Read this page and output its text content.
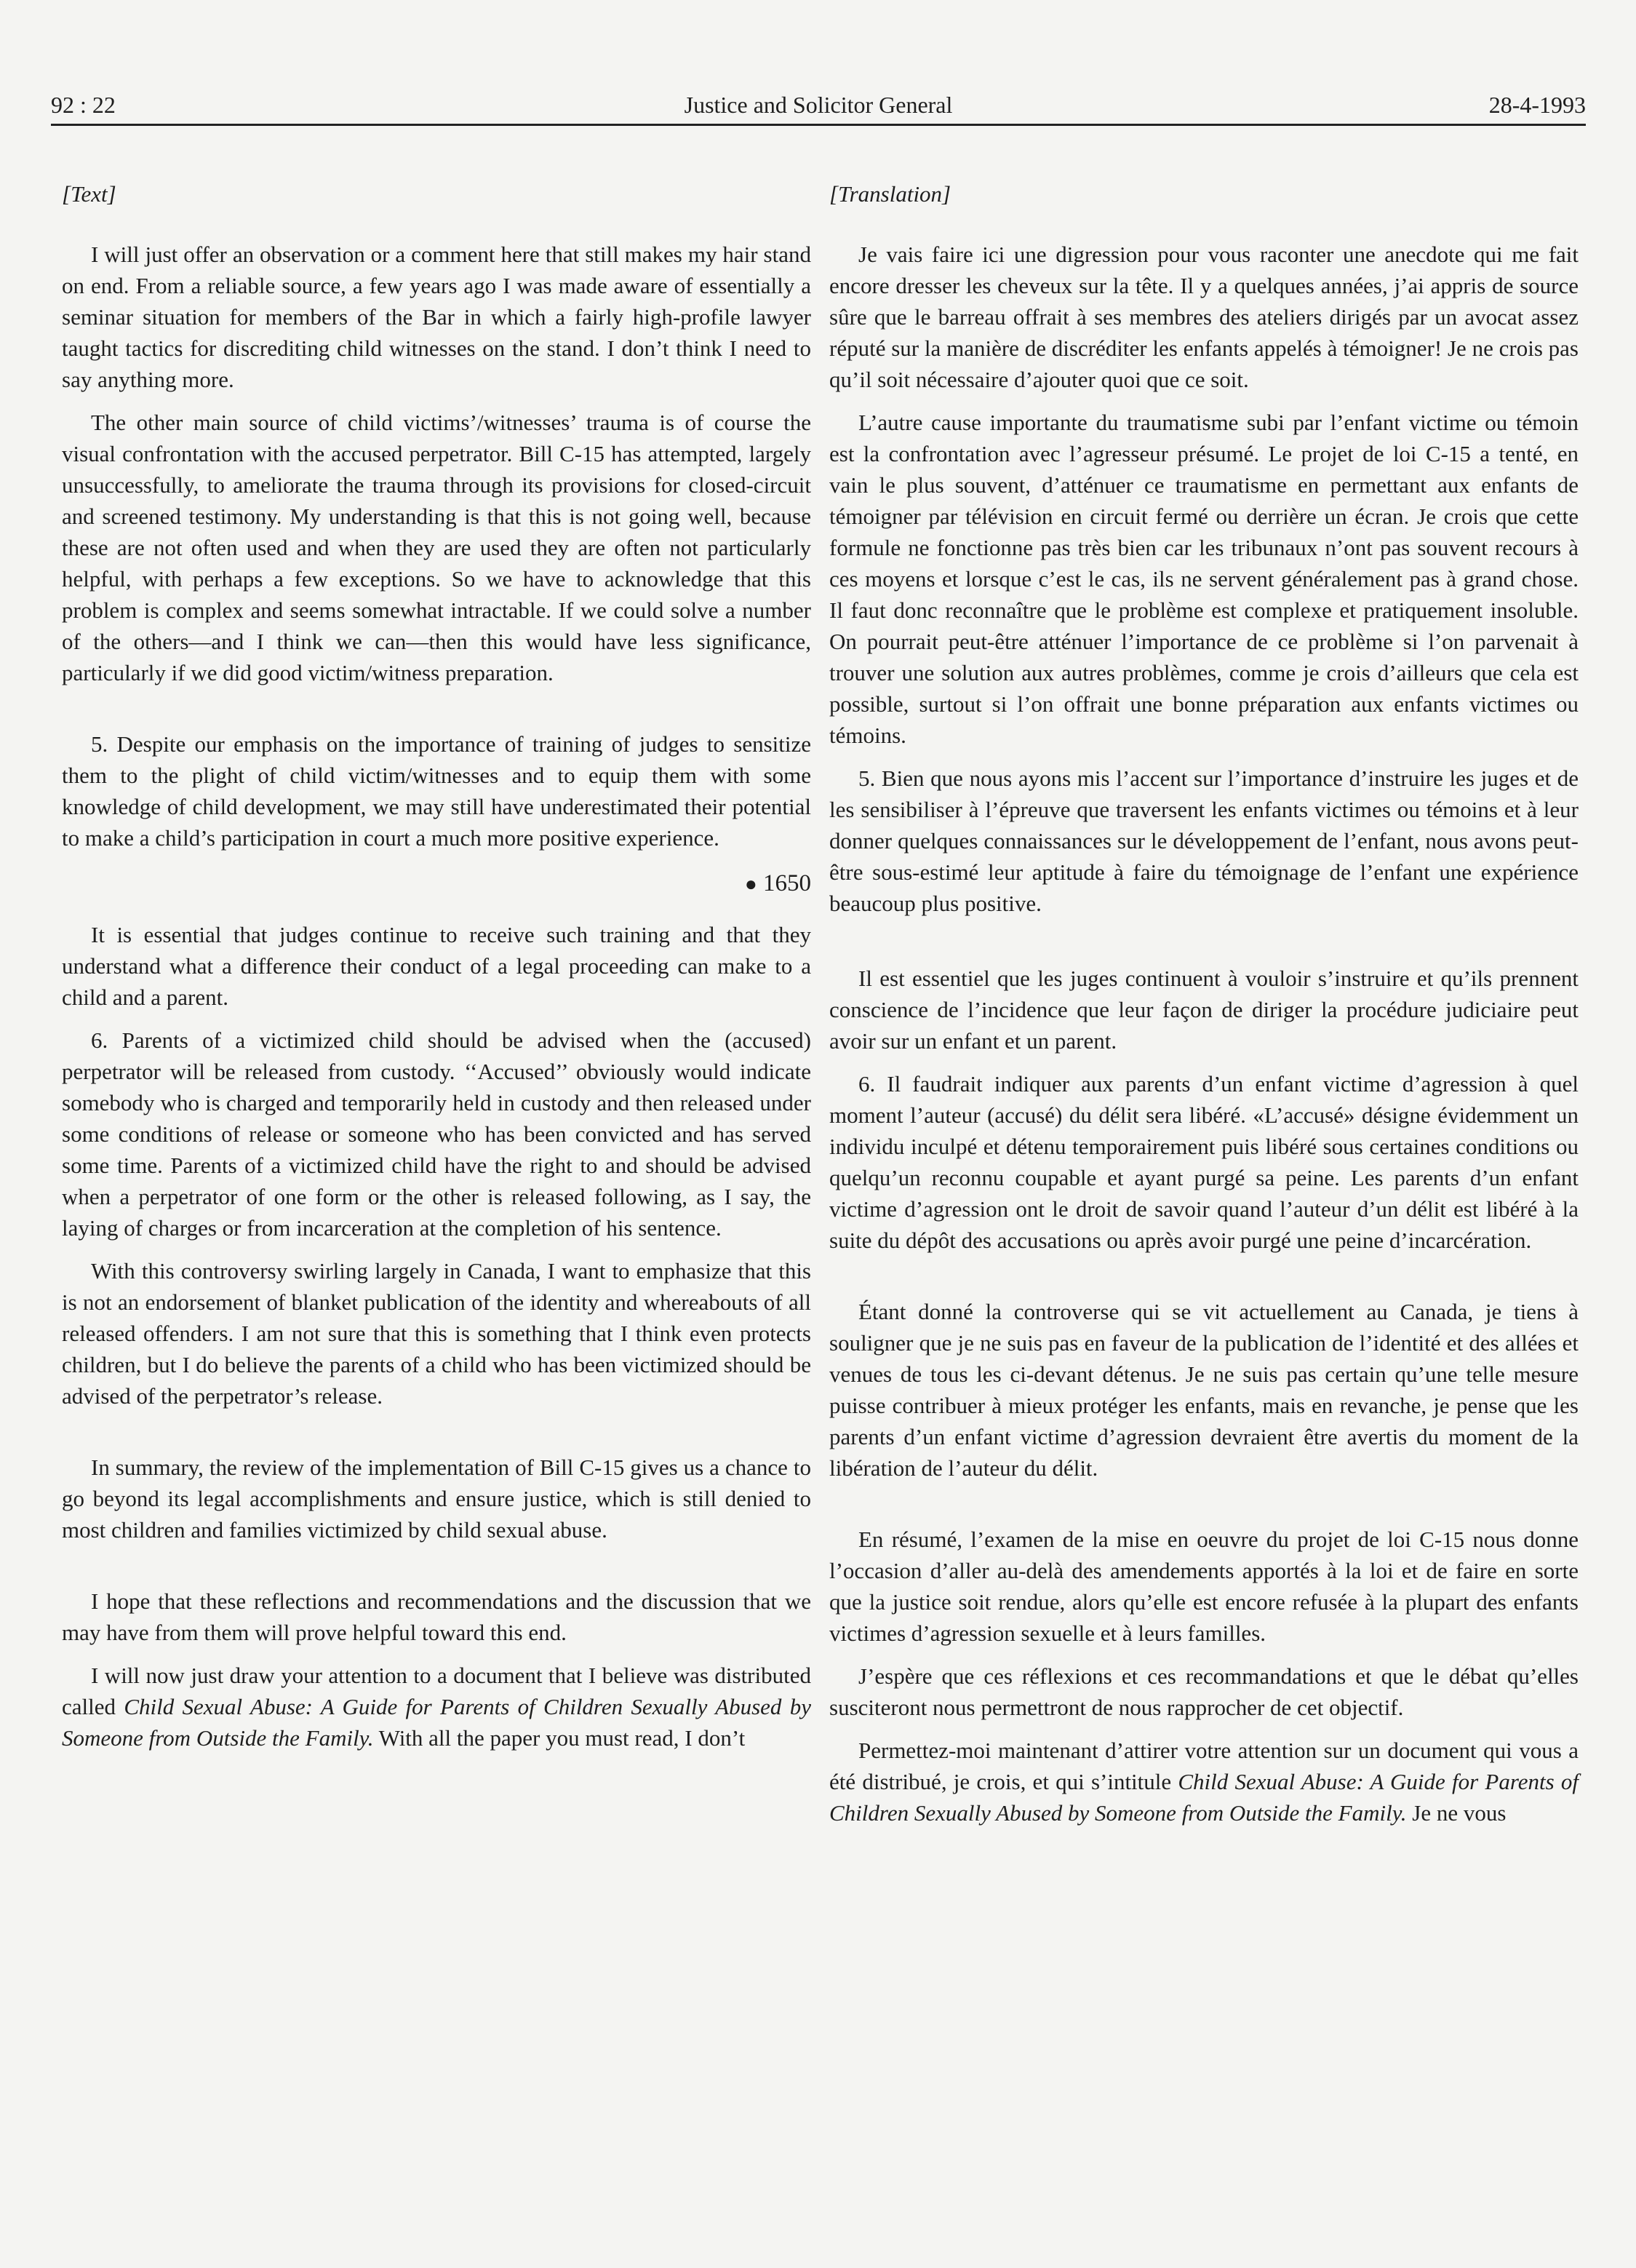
92 : 22	Justice and Solicitor General	28-4-1993
[Text]

I will just offer an observation or a comment here that still makes my hair stand on end. From a reliable source, a few years ago I was made aware of essentially a seminar situation for members of the Bar in which a fairly high-profile lawyer taught tactics for discrediting child witnesses on the stand. I don’t think I need to say anything more.

The other main source of child victims’/witnesses’ trauma is of course the visual confrontation with the accused perpetrator. Bill C-15 has attempted, largely unsuccessfully, to ameliorate the trauma through its provisions for closed-circuit and screened testimony. My understanding is that this is not going well, because these are not often used and when they are used they are often not particularly helpful, with perhaps a few exceptions. So we have to acknowledge that this problem is complex and seems somewhat intractable. If we could solve a number of the others—and I think we can—then this would have less significance, particularly if we did good victim/witness preparation.

5. Despite our emphasis on the importance of training of judges to sensitize them to the plight of child victim/witnesses and to equip them with some knowledge of child development, we may still have underestimated their potential to make a child’s participation in court a much more positive experience.

● 1650

It is essential that judges continue to receive such training and that they understand what a difference their conduct of a legal proceeding can make to a child and a parent.

6. Parents of a victimized child should be advised when the (accused) perpetrator will be released from custody. ‘‘Accused’’ obviously would indicate somebody who is charged and temporarily held in custody and then released under some conditions of release or someone who has been convicted and has served some time. Parents of a victimized child have the right to and should be advised when a perpetrator of one form or the other is released following, as I say, the laying of charges or from incarceration at the completion of his sentence.

With this controversy swirling largely in Canada, I want to emphasize that this is not an endorsement of blanket publication of the identity and whereabouts of all released offenders. I am not sure that this is something that I think even protects children, but I do believe the parents of a child who has been victimized should be advised of the perpetrator’s release.

In summary, the review of the implementation of Bill C-15 gives us a chance to go beyond its legal accomplishments and ensure justice, which is still denied to most children and families victimized by child sexual abuse.

I hope that these reflections and recommendations and the discussion that we may have from them will prove helpful toward this end.

I will now just draw your attention to a document that I believe was distributed called Child Sexual Abuse: A Guide for Parents of Children Sexually Abused by Someone from Outside the Family. With all the paper you must read, I don’t

[Translation]

Je vais faire ici une digression pour vous raconter une anecdote qui me fait encore dresser les cheveux sur la tête. Il y a quelques années, j’ai appris de source sûre que le barreau offrait à ses membres des ateliers dirigés par un avocat assez réputé sur la manière de discréditer les enfants appelés à témoigner! Je ne crois pas qu’il soit nécessaire d’ajouter quoi que ce soit.

L’autre cause importante du traumatisme subi par l’enfant victime ou témoin est la confrontation avec l’agresseur présumé. Le projet de loi C-15 a tenté, en vain le plus souvent, d’atténuer ce traumatisme en permettant aux enfants de témoigner par télévision en circuit fermé ou derrière un écran. Je crois que cette formule ne fonctionne pas très bien car les tribunaux n’ont pas souvent recours à ces moyens et lorsque c’est le cas, ils ne servent généralement pas à grand chose. Il faut donc reconnaître que le problème est complexe et pratiquement insoluble. On pourrait peut-être atténuer l’importance de ce problème si l’on parvenait à trouver une solution aux autres problèmes, comme je crois d’ailleurs que cela est possible, surtout si l’on offrait une bonne préparation aux enfants victimes ou témoins.

5. Bien que nous ayons mis l’accent sur l’importance d’instruire les juges et de les sensibiliser à l’épreuve que traversent les enfants victimes ou témoins et à leur donner quelques connaissances sur le développement de l’enfant, nous avons peut-être sous-estimé leur aptitude à faire du témoignage de l’enfant une expérience beaucoup plus positive.

Il est essentiel que les juges continuent à vouloir s’instruire et qu’ils prennent conscience de l’incidence que leur façon de diriger la procédure judiciaire peut avoir sur un enfant et un parent.

6. Il faudrait indiquer aux parents d’un enfant victime d’agression à quel moment l’auteur (accusé) du délit sera libéré. «L’accusé» désigne évidemment un individu inculpé et détenu temporairement puis libéré sous certaines conditions ou quelqu’un reconnu coupable et ayant purgé sa peine. Les parents d’un enfant victime d’agression ont le droit de savoir quand l’auteur d’un délit est libéré à la suite du dépôt des accusations ou après avoir purgé une peine d’incarcération.

Étant donné la controverse qui se vit actuellement au Canada, je tiens à souligner que je ne suis pas en faveur de la publication de l’identité et des allées et venues de tous les ci-devant détenus. Je ne suis pas certain qu’une telle mesure puisse contribuer à mieux protéger les enfants, mais en revanche, je pense que les parents d’un enfant victime d’agression devraient être avertis du moment de la libération de l’auteur du délit.

En résumé, l’examen de la mise en oeuvre du projet de loi C-15 nous donne l’occasion d’aller au-delà des amendements apportés à la loi et de faire en sorte que la justice soit rendue, alors qu’elle est encore refusée à la plupart des enfants victimes d’agression sexuelle et à leurs familles.

J’espère que ces réflexions et ces recommandations et que le débat qu’elles susciteront nous permettront de nous rapprocher de cet objectif.

Permettez-moi maintenant d’attirer votre attention sur un document qui vous a été distribué, je crois, et qui s’intitule Child Sexual Abuse: A Guide for Parents of Children Sexually Abused by Someone from Outside the Family. Je ne vous
